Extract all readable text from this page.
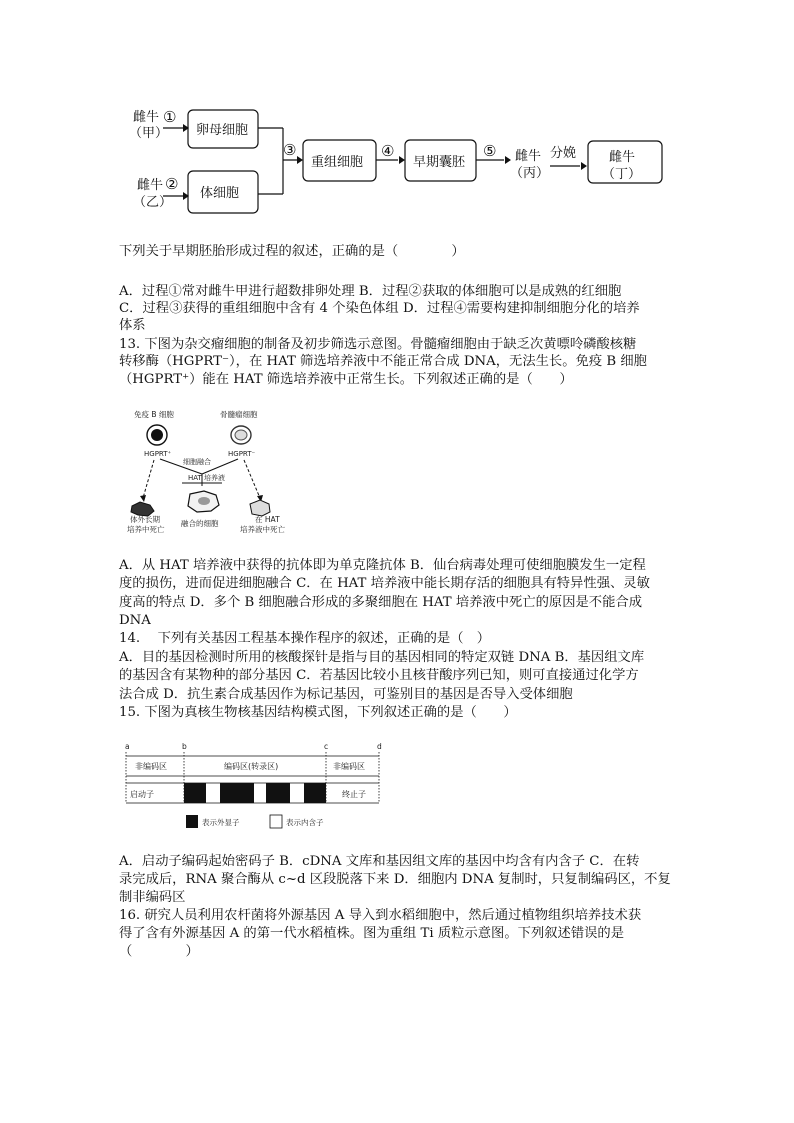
雌牛
（甲）
①
雌牛
（乙）
②
卵母细胞
体细胞
③
重组细胞
④
早期囊胚
⑤ 雌牛
（丙）
分娩	雌牛
（丁）
下列关于早期胚胎形成过程的叙述，正确的是（　　　　）
A．过程①常对雌牛甲进行超数排卵处理 B．过程②获取的体细胞可以是成熟的红细胞
C．过程③获得的重组细胞中含有 4 个染色体组 D．过程④需要构建抑制细胞分化的培养
体系
13. 下图为杂交瘤细胞的制备及初步筛选示意图。骨髓瘤细胞由于缺乏次黄嘌呤磷酸核糖
转移酶（HGPRT⁻），在 HAT 筛选培养液中不能正常合成 DNA，无法生长。免疫 B 细胞
（HGPRT⁺）能在 HAT 筛选培养液中正常生长。下列叙述正确的是（　　）
免疫 B 细胞	骨髓瘤细胞
HGPRT⁺	HGPRT⁻
细胞融合
HAT 培养液
体外长期
培养中死亡
融合的细胞	在 HAT
培养液中死亡
A．从 HAT 培养液中获得的抗体即为单克隆抗体 B．仙台病毒处理可使细胞膜发生一定程
度的损伤，进而促进细胞融合 C．在 HAT 培养液中能长期存活的细胞具有特异性强、灵敏
度高的特点 D．多个 B 细胞融合形成的多聚细胞在 HAT 培养液中死亡的原因是不能合成
DNA
14.　 下列有关基因工程基本操作程序的叙述，正确的是（　）
A．目的基因检测时所用的核酸探针是指与目的基因相同的特定双链 DNA B．基因组文库
的基因含有某物种的部分基因 C．若基因比较小且核苷酸序列已知，则可直接通过化学方
法合成 D．抗生素合成基因作为标记基因，可鉴别目的基因是否导入受体细胞
15. 下图为真核生物核基因结构模式图，下列叙述正确的是（　　）
a	b	c	d
非编码区	编码区(转录区)	非编码区
启动子	终止子
表示外显子	表示内含子
A．启动子编码起始密码子 B．cDNA 文库和基因组文库的基因中均含有内含子 C．在转
录完成后，RNA 聚合酶从 c~d 区段脱落下来 D．细胞内 DNA 复制时，只复制编码区，不复
制非编码区
16. 研究人员利用农杆菌将外源基因 A 导入到水稻细胞中，然后通过植物组织培养技术获
得了含有外源基因 A 的第一代水稻植株。图为重组 Ti 质粒示意图。下列叙述错误的是
（　　　　）
